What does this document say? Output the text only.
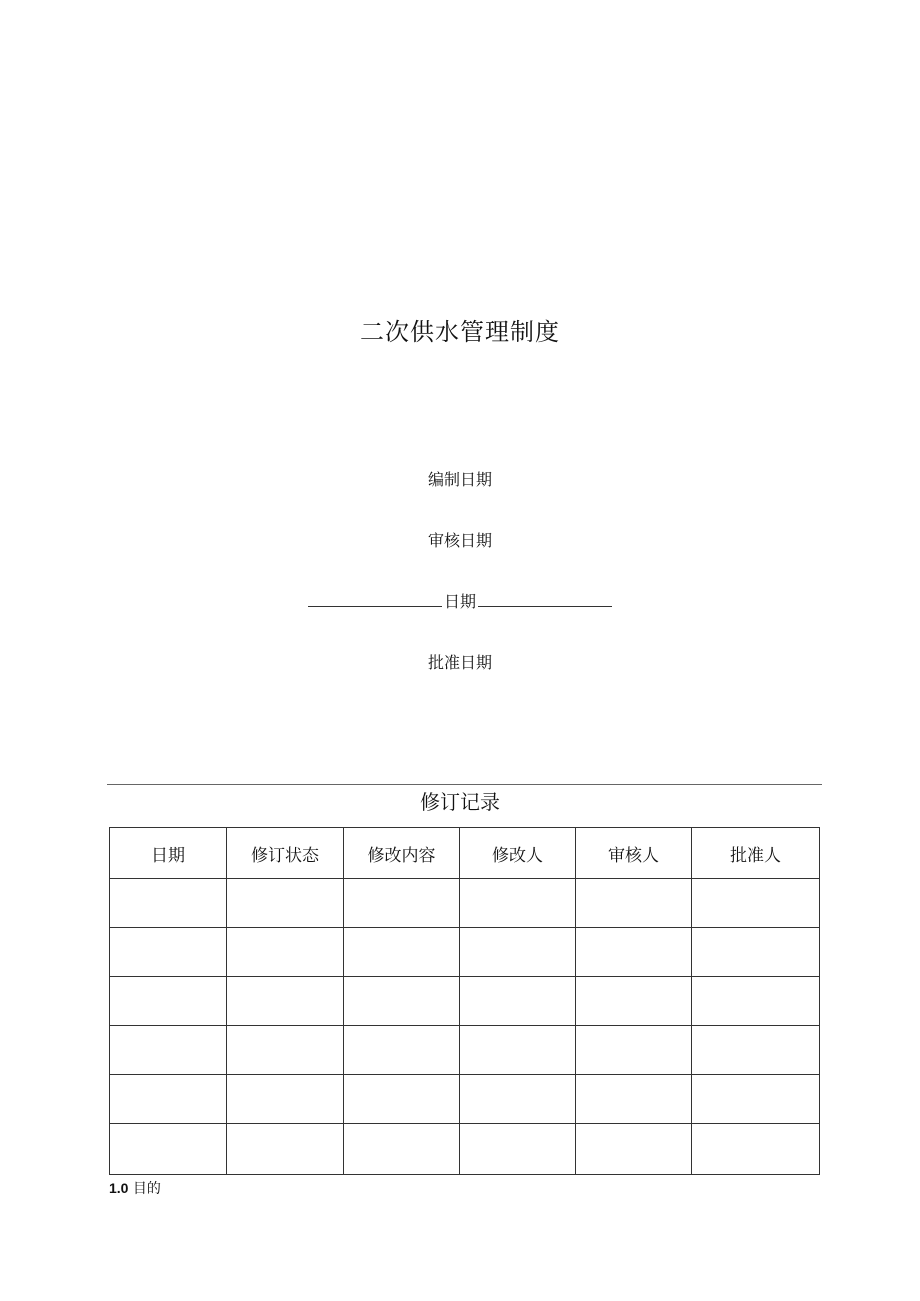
二次供水管理制度
编制日期
审核日期
日期
批准日期
修订记录
日期	修订状态	修改内容	修改人	审核人	批准人

1.0 目的
